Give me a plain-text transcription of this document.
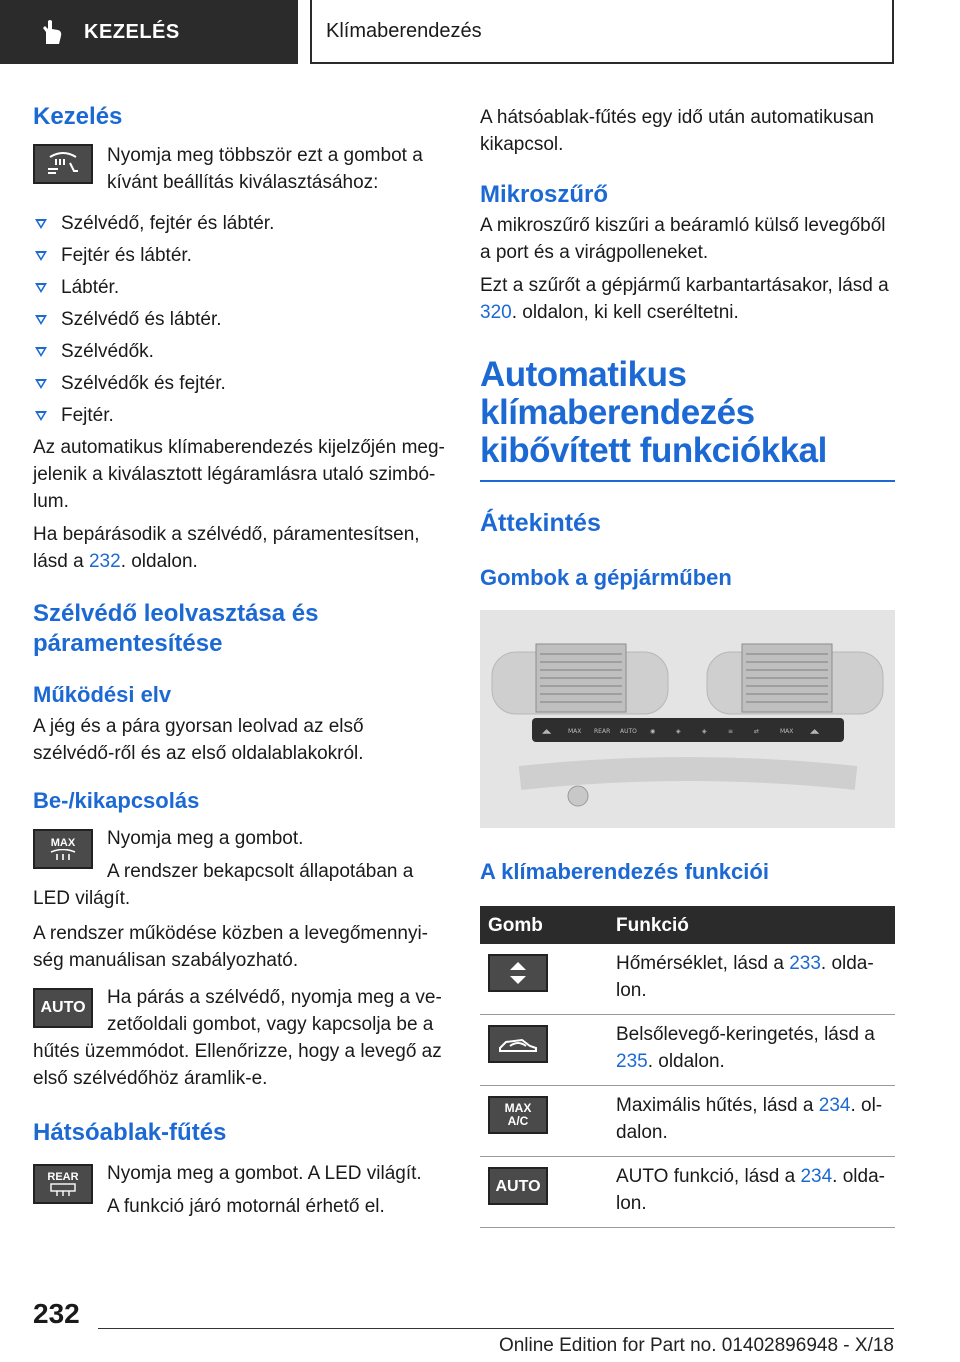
KEZELÉS	Klímaberendezés
Kezelés

Nyomja meg többször ezt a gombot a kívánt beállítás kiválasztásához:

Szélvédő, fejtér és lábtér.
Fejtér és lábtér.
Lábtér.
Szélvédő és lábtér.
Szélvédők.
Szélvédők és fejtér.
Fejtér.

Az automatikus klímaberendezés kijelzőjén meg-jelenik a kiválasztott légáramlásra utaló szimbó-lum.

Ha bepárásodik a szélvédő, páramentesítsen, lásd a 232. oldalon.

Szélvédő leolvasztása és páramentesítése
Működési elv

A jég és a pára gyorsan leolvad az első szélvédő-ről és az első oldalablakokról.

Be-/kikapcsolás
MAX	Nyomja meg a gombot.

A rendszer bekapcsolt állapotában a LED világít.

A rendszer működése közben a levegőmennyi-ség manuálisan szabályozható.

AUTO	Ha párás a szélvédő, nyomja meg a ve-zetőoldali gombot, vagy kapcsolja be a hűtés üzemmódot. Ellenőrizze, hogy a levegő az első szélvédőhöz áramlik-e.

Hátsóablak-fűtés
REAR	Nyomja meg a gombot. A LED világít.

A funkció járó motornál érhető el.

A hátsóablak-fűtés egy idő után automatikusan kikapcsol.

Mikroszűrő

A mikroszűrő kiszűri a beáramló külső levegőből a port és a virágpolleneket.

Ezt a szűrőt a gépjármű karbantartásakor, lásd a 320. oldalon, ki kell cseréltetni.

Automatikus klímaberendezés kibővített funkciókkal
Áttekintés
Gombok a gépjárműben
◢◣	MAX REAR AUTO ◉	◈	◈	≡	⇄	MAX	◢◣
A klímaberendezés funkciói
Gomb	Funkció

	Hőmérséklet, lásd a 233. olda-lon.

	Belsőlevegő-keringetés, lásd a 235. oldalon.

MAX
A/C	Maximális hűtés, lásd a 234. ol-dalon.

AUTO	AUTO funkció, lásd a 234. olda-lon.
232
Online Edition for Part no. 01402896948 - X/18
